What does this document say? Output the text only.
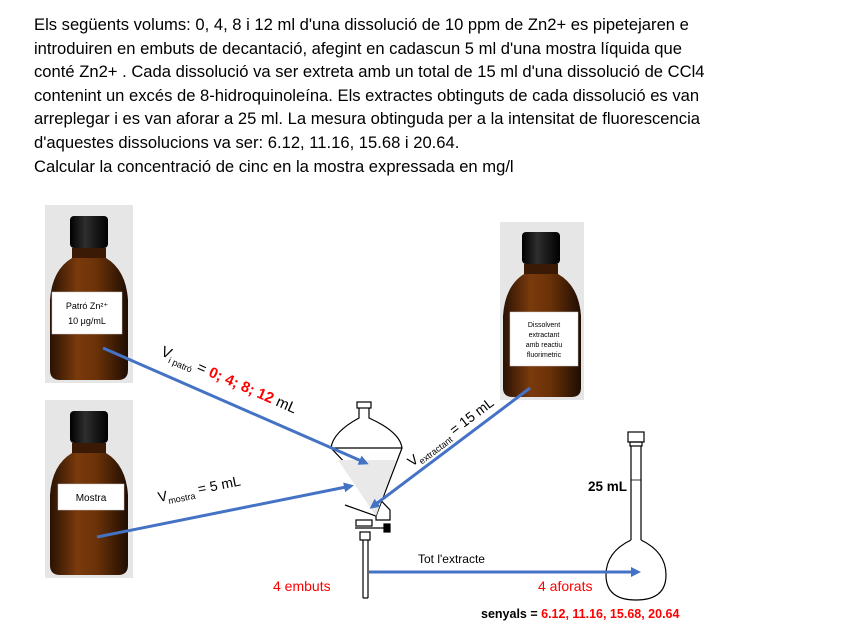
Els següents volums: 0, 4, 8 i 12 ml d'una dissolució de 10 ppm de Zn2+ es pipetejaren e
introduiren en embuts de decantació, afegint en cadascun 5 ml d'una mostra líquida que
conté Zn2+ . Cada dissolució va ser extreta amb un total de 15 ml d'una dissolució de CCl4
contenint un excés de 8-hidroquinoleína. Els extractes obtinguts de cada dissolució es van
arreplegar i es van aforar a 25 ml. La mesura obtinguda per a la intensitat de fluorescencia
d'aquestes dissolucions va ser: 6.12, 11.16, 15.68 i 20.64.
Calcular la concentració de cinc en la mostra expressada en mg/l
Patró Zn²⁺
10 μg/mL
Mostra
Dissolvent
extractant
amb reactiu
fluorimetric
25 mL
$V_{i patró} = 0$; 4; 8; 12 mL
$V_{mostra} = 5$ mL
$V_{extractant} = 15$ mL
Tot l'extracte
4 embuts	4 aforats
senyals = 6.12, 11.16, 15.68, 20.64
